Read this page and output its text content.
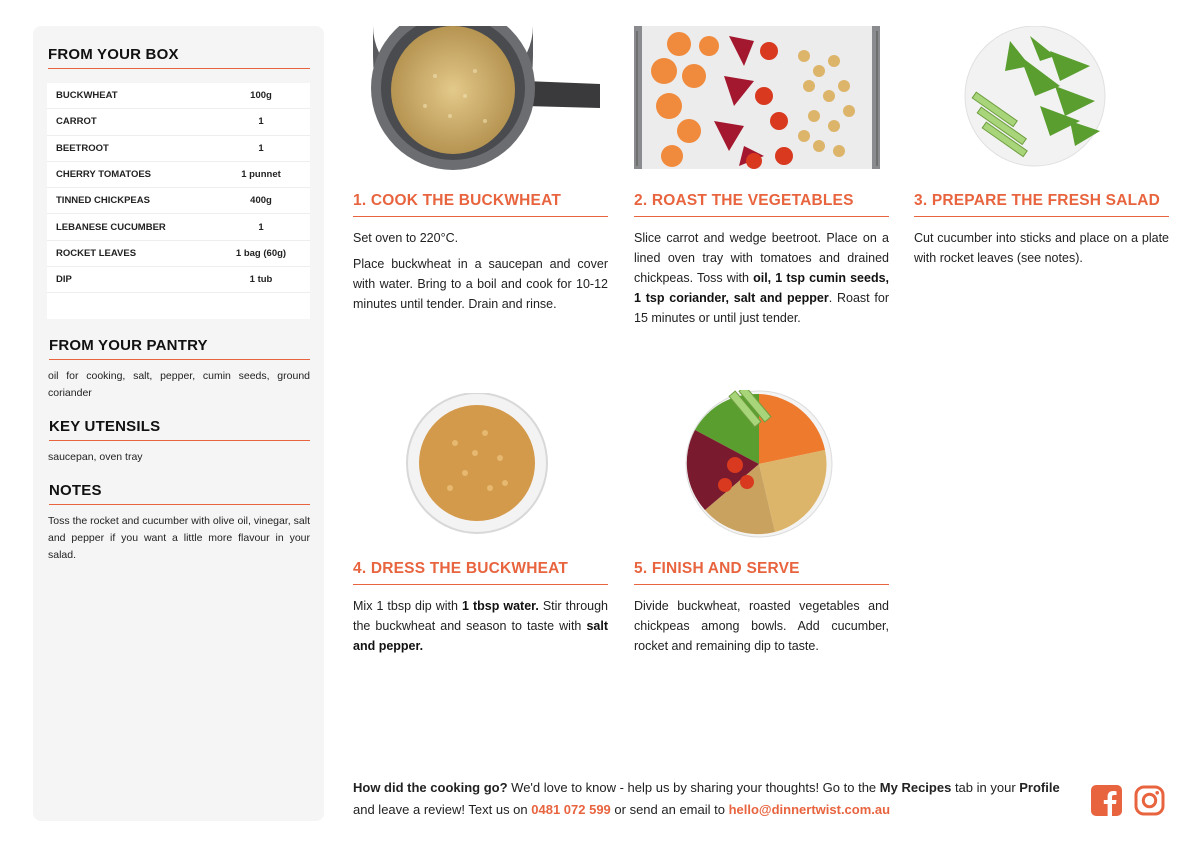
FROM YOUR BOX
BUCKWHEAT	100g
CARROT	1
BEETROOT	1
CHERRY TOMATOES	1 punnet
TINNED CHICKPEAS	400g
LEBANESE CUCUMBER	1
ROCKET LEAVES	1 bag (60g)
DIP	1 tub
FROM YOUR PANTRY

oil for cooking, salt, pepper, cumin seeds, ground coriander

KEY UTENSILS

saucepan, oven tray

NOTES

Toss the rocket and cucumber with olive oil, vinegar, salt and pepper if you want a little more flavour in your salad.

1. COOK THE BUCKWHEAT

Set oven to 220°C.

Place buckwheat in a saucepan and cover with water. Bring to a boil and cook for 10-12 minutes until tender. Drain and rinse.

2. ROAST THE VEGETABLES

Slice carrot and wedge beetroot. Place on a lined oven tray with tomatoes and drained chickpeas. Toss with oil, 1 tsp cumin seeds, 1 tsp coriander, salt and pepper. Roast for 15 minutes or until just tender.

3. PREPARE THE FRESH SALAD

Cut cucumber into sticks and place on a plate with rocket leaves (see notes).

4. DRESS THE BUCKWHEAT

Mix 1 tbsp dip with 1 tbsp water. Stir through the buckwheat and season to taste with salt and pepper.

5. FINISH AND SERVE

Divide buckwheat, roasted vegetables and chickpeas among bowls. Add cucumber, rocket and remaining dip to taste.

How did the cooking go? We'd love to know - help us by sharing your thoughts! Go to the My Recipes tab in your Profile and leave a review! Text us on 0481 072 599 or send an email to hello@dinnertwist.com.au
